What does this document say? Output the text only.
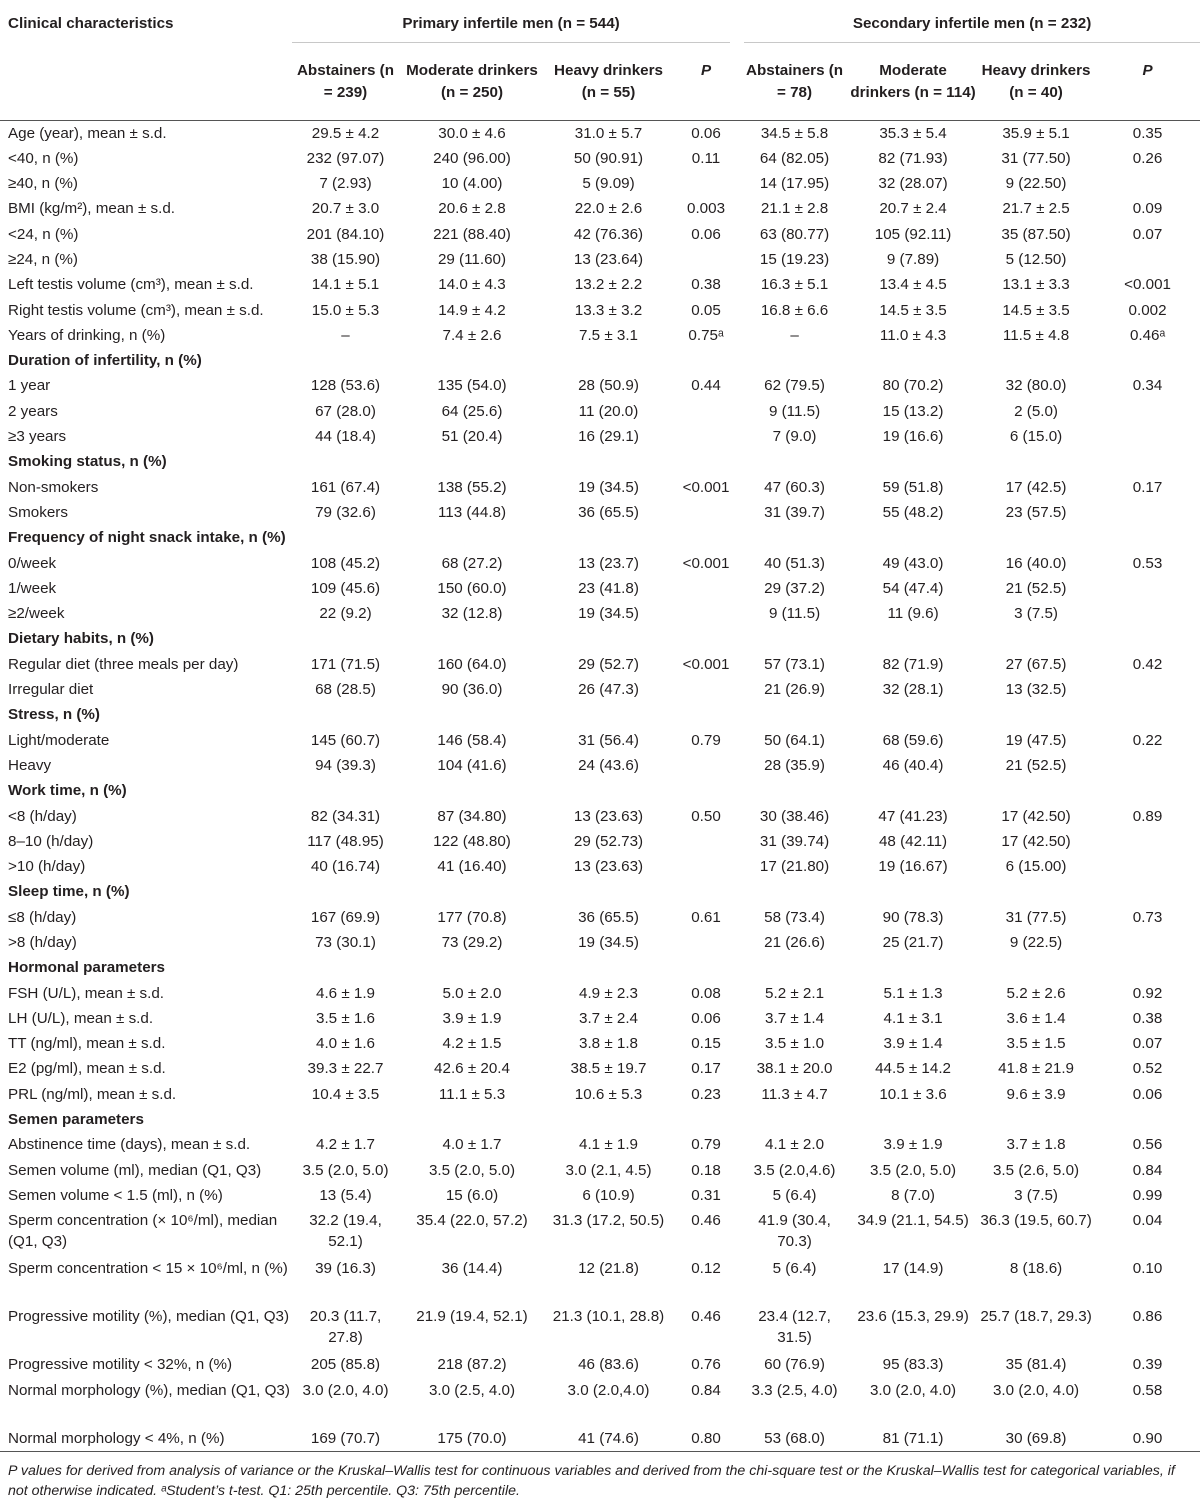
Clinical characteristics	Primary infertile men (n = 544)				Secondary infertile men (n = 232)			

	Abstainers (n = 239)	Moderate drinkers (n = 250)	Heavy drinkers (n = 55)	P	Abstainers (n = 78)	Moderate drinkers (n = 114)	Heavy drinkers (n = 40)	P
Age (year), mean ± s.d.	29.5 ± 4.2	30.0 ± 4.6	31.0 ± 5.7	0.06	34.5 ± 5.8	35.3 ± 5.4	35.9 ± 5.1	0.35
<40, n (%)	232 (97.07)	240 (96.00)	50 (90.91)	0.11	64 (82.05)	82 (71.93)	31 (77.50)	0.26
≥40, n (%)	7 (2.93)	10 (4.00)	5 (9.09)		14 (17.95)	32 (28.07)	9 (22.50)	
BMI (kg/m²), mean ± s.d.	20.7 ± 3.0	20.6 ± 2.8	22.0 ± 2.6	0.003	21.1 ± 2.8	20.7 ± 2.4	21.7 ± 2.5	0.09
<24, n (%)	201 (84.10)	221 (88.40)	42 (76.36)	0.06	63 (80.77)	105 (92.11)	35 (87.50)	0.07
≥24, n (%)	38 (15.90)	29 (11.60)	13 (23.64)		15 (19.23)	9 (7.89)	5 (12.50)	
Left testis volume (cm³), mean ± s.d.	14.1 ± 5.1	14.0 ± 4.3	13.2 ± 2.2	0.38	16.3 ± 5.1	13.4 ± 4.5	13.1 ± 3.3	<0.001
Right testis volume (cm³), mean ± s.d.	15.0 ± 5.3	14.9 ± 4.2	13.3 ± 3.2	0.05	16.8 ± 6.6	14.5 ± 3.5	14.5 ± 3.5	0.002
Years of drinking, n (%)	–	7.4 ± 2.6	7.5 ± 3.1	0.75ᵃ	–	11.0 ± 4.3	11.5 ± 4.8	0.46ᵃ
Duration of infertility, n (%)								
1 year	128 (53.6)	135 (54.0)	28 (50.9)	0.44	62 (79.5)	80 (70.2)	32 (80.0)	0.34
2 years	67 (28.0)	64 (25.6)	11 (20.0)		9 (11.5)	15 (13.2)	2 (5.0)	
≥3 years	44 (18.4)	51 (20.4)	16 (29.1)		7 (9.0)	19 (16.6)	6 (15.0)	
Smoking status, n (%)								
Non-smokers	161 (67.4)	138 (55.2)	19 (34.5)	<0.001	47 (60.3)	59 (51.8)	17 (42.5)	0.17
Smokers	79 (32.6)	113 (44.8)	36 (65.5)		31 (39.7)	55 (48.2)	23 (57.5)	
Frequency of night snack intake, n (%)								
0/week	108 (45.2)	68 (27.2)	13 (23.7)	<0.001	40 (51.3)	49 (43.0)	16 (40.0)	0.53
1/week	109 (45.6)	150 (60.0)	23 (41.8)		29 (37.2)	54 (47.4)	21 (52.5)	
≥2/week	22 (9.2)	32 (12.8)	19 (34.5)		9 (11.5)	11 (9.6)	3 (7.5)	
Dietary habits, n (%)								
Regular diet (three meals per day)	171 (71.5)	160 (64.0)	29 (52.7)	<0.001	57 (73.1)	82 (71.9)	27 (67.5)	0.42
Irregular diet	68 (28.5)	90 (36.0)	26 (47.3)		21 (26.9)	32 (28.1)	13 (32.5)	
Stress, n (%)								
Light/moderate	145 (60.7)	146 (58.4)	31 (56.4)	0.79	50 (64.1)	68 (59.6)	19 (47.5)	0.22
Heavy	94 (39.3)	104 (41.6)	24 (43.6)		28 (35.9)	46 (40.4)	21 (52.5)	
Work time, n (%)								
<8 (h/day)	82 (34.31)	87 (34.80)	13 (23.63)	0.50	30 (38.46)	47 (41.23)	17 (42.50)	0.89
8–10 (h/day)	117 (48.95)	122 (48.80)	29 (52.73)		31 (39.74)	48 (42.11)	17 (42.50)	
>10 (h/day)	40 (16.74)	41 (16.40)	13 (23.63)		17 (21.80)	19 (16.67)	6 (15.00)	
Sleep time, n (%)								
≤8 (h/day)	167 (69.9)	177 (70.8)	36 (65.5)	0.61	58 (73.4)	90 (78.3)	31 (77.5)	0.73
>8 (h/day)	73 (30.1)	73 (29.2)	19 (34.5)		21 (26.6)	25 (21.7)	9 (22.5)	
Hormonal parameters								
FSH (U/L), mean ± s.d.	4.6 ± 1.9	5.0 ± 2.0	4.9 ± 2.3	0.08	5.2 ± 2.1	5.1 ± 1.3	5.2 ± 2.6	0.92
LH (U/L), mean ± s.d.	3.5 ± 1.6	3.9 ± 1.9	3.7 ± 2.4	0.06	3.7 ± 1.4	4.1 ± 3.1	3.6 ± 1.4	0.38
TT (ng/ml), mean ± s.d.	4.0 ± 1.6	4.2 ± 1.5	3.8 ± 1.8	0.15	3.5 ± 1.0	3.9 ± 1.4	3.5 ± 1.5	0.07
E2 (pg/ml), mean ± s.d.	39.3 ± 22.7	42.6 ± 20.4	38.5 ± 19.7	0.17	38.1 ± 20.0	44.5 ± 14.2	41.8 ± 21.9	0.52
PRL (ng/ml), mean ± s.d.	10.4 ± 3.5	11.1 ± 5.3	10.6 ± 5.3	0.23	11.3 ± 4.7	10.1 ± 3.6	9.6 ± 3.9	0.06
Semen parameters								
Abstinence time (days), mean ± s.d.	4.2 ± 1.7	4.0 ± 1.7	4.1 ± 1.9	0.79	4.1 ± 2.0	3.9 ± 1.9	3.7 ± 1.8	0.56
Semen volume (ml), median (Q1, Q3)	3.5 (2.0, 5.0)	3.5 (2.0, 5.0)	3.0 (2.1, 4.5)	0.18	3.5 (2.0,4.6)	3.5 (2.0, 5.0)	3.5 (2.6, 5.0)	0.84
Semen volume < 1.5 (ml), n (%)	13 (5.4)	15 (6.0)	6 (10.9)	0.31	5 (6.4)	8 (7.0)	3 (7.5)	0.99
Sperm concentration (× 10⁶/ml), median (Q1, Q3)	32.2 (19.4, 52.1)	35.4 (22.0, 57.2)	31.3 (17.2, 50.5)	0.46	41.9 (30.4, 70.3)	34.9 (21.1, 54.5)	36.3 (19.5, 60.7)	0.04
Sperm concentration < 15 × 10⁶/ml, n (%)	39 (16.3)	36 (14.4)	12 (21.8)	0.12	5 (6.4)	17 (14.9)	8 (18.6)	0.10
Progressive motility (%), median (Q1, Q3)	20.3 (11.7, 27.8)	21.9 (19.4, 52.1)	21.3 (10.1, 28.8)	0.46	23.4 (12.7, 31.5)	23.6 (15.3, 29.9)	25.7 (18.7, 29.3)	0.86
Progressive motility < 32%, n (%)	205 (85.8)	218 (87.2)	46 (83.6)	0.76	60 (76.9)	95 (83.3)	35 (81.4)	0.39
Normal morphology (%), median (Q1, Q3)	3.0 (2.0, 4.0)	3.0 (2.5, 4.0)	3.0 (2.0,4.0)	0.84	3.3 (2.5, 4.0)	3.0 (2.0, 4.0)	3.0 (2.0, 4.0)	0.58
Normal morphology < 4%, n (%)	169 (70.7)	175 (70.0)	41 (74.6)	0.80	53 (68.0)	81 (71.1)	30 (69.8)	0.90
P values for derived from analysis of variance or the Kruskal–Wallis test for continuous variables and derived from the chi-square test or the Kruskal–Wallis test for categorical variables, if not otherwise indicated. ᵃStudent’s t-test. Q1: 25th percentile. Q3: 75th percentile.
